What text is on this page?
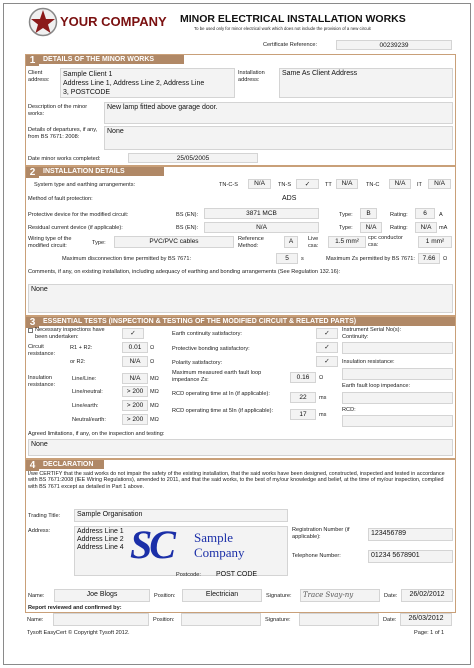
YOUR COMPANY MINOR ELECTRICAL INSTALLATION WORKS
To be used only for minor electrical work which does not include the provision of a new circuit
Certificate Reference:	00239239
DETAILS OF THE MINOR WORKS
1
Client address:
Sample Client 1
Address Line 1, Address Line 2, Address Line
3, POSTCODE
Installation address:
Same As Client Address
Description of the minor works:
New lamp fitted above garage door.
Details of departures, if any, from BS 7671: 2008:
None
Date minor works completed:	25/05/2005
INSTALLATION DETAILS
2
System type and earthing arrangements:	TN-C-S	N/A	TN-S	✓	TT	N/A	TN-C	N/A	IT	N/A
Method of fault protection:	ADS
Protective device for the modified circuit:	BS (EN):	3871 MCB	Type:	B	Rating:	6	A
Residual current device (if applicable):	BS (EN):	N/A	Type:	N/A	Rating:	N/A	mA
Wiring type of the modified circuit:	Type:	PVC/PVC cables	Reference Method:
A	Live csa:
1.5 mm²	cpc conductor csa:	1 mm²
Maximum disconnection time permitted by BS 7671:	5	s	Maximum Zs permitted by BS 7671:	7.66	Ω
Comments, if any, on existing installation, including adequacy of earthing and bonding arrangements (See Regulation 132.16):
None
ESSENTIAL TESTS (INSPECTION & TESTING OF THE MODIFIED CIRCUIT & RELATED PARTS)
3
Necessary inspections have been undertaken:	✓
Circuit resistance:
R1 + R2:	0.01	Ω
or R2:	N/A	Ω
Insulation resistance:
Line/Line:	N/A	MΩ
Line/neutral:	> 200	MΩ
Line/earth:	> 200	MΩ
Neutral/earth:	> 200	MΩ
Earth continuity satisfactory:	✓
Protective bonding satisfactory:	✓
Polarity satisfactory:	✓
Maximum measured earth fault loop impedance Zs:	0.16	Ω
RCD operating time at In (if applicable):	22	ms
RCD operating time at 5In (if applicable):	17	ms
Instrument Serial No(s): Continuity:
Insulation resistance:
Earth fault loop impedance:
RCD:
Agreed limitations, if any, on the inspection and testing:
None
DECLARATION
4
I/we CERTIFY that the said works do not impair the safety of the existing installation, that the said works have been designed, constructed, inspected and tested in accordance with BS 7671:2008 (IEE Wiring Regulations), amended to 2011, and that the said works, to the best of my/our knowledge and belief, at the time of my/our inspection, complied with BS 7671 except as detailed in Part 1 above.
Trading Title:	Sample Organisation
Address:	Address Line 1
Address Line 2
Address Line 4 SC Sample
Company
Postcode: POST CODE
Registration Number (if applicable):	123456789
Telephone Number:	01234 5678901
Name:	Joe Blogs	Position:	Electrician	Signature:	Trace Svay-ny	Date:	26/02/2012
Report reviewed and confirmed by:
Name:	Position:	Signature:	Date:	26/03/2012
Tysoft EasyCert © Copyright Tysoft 2012.	Page: 1 of 1
